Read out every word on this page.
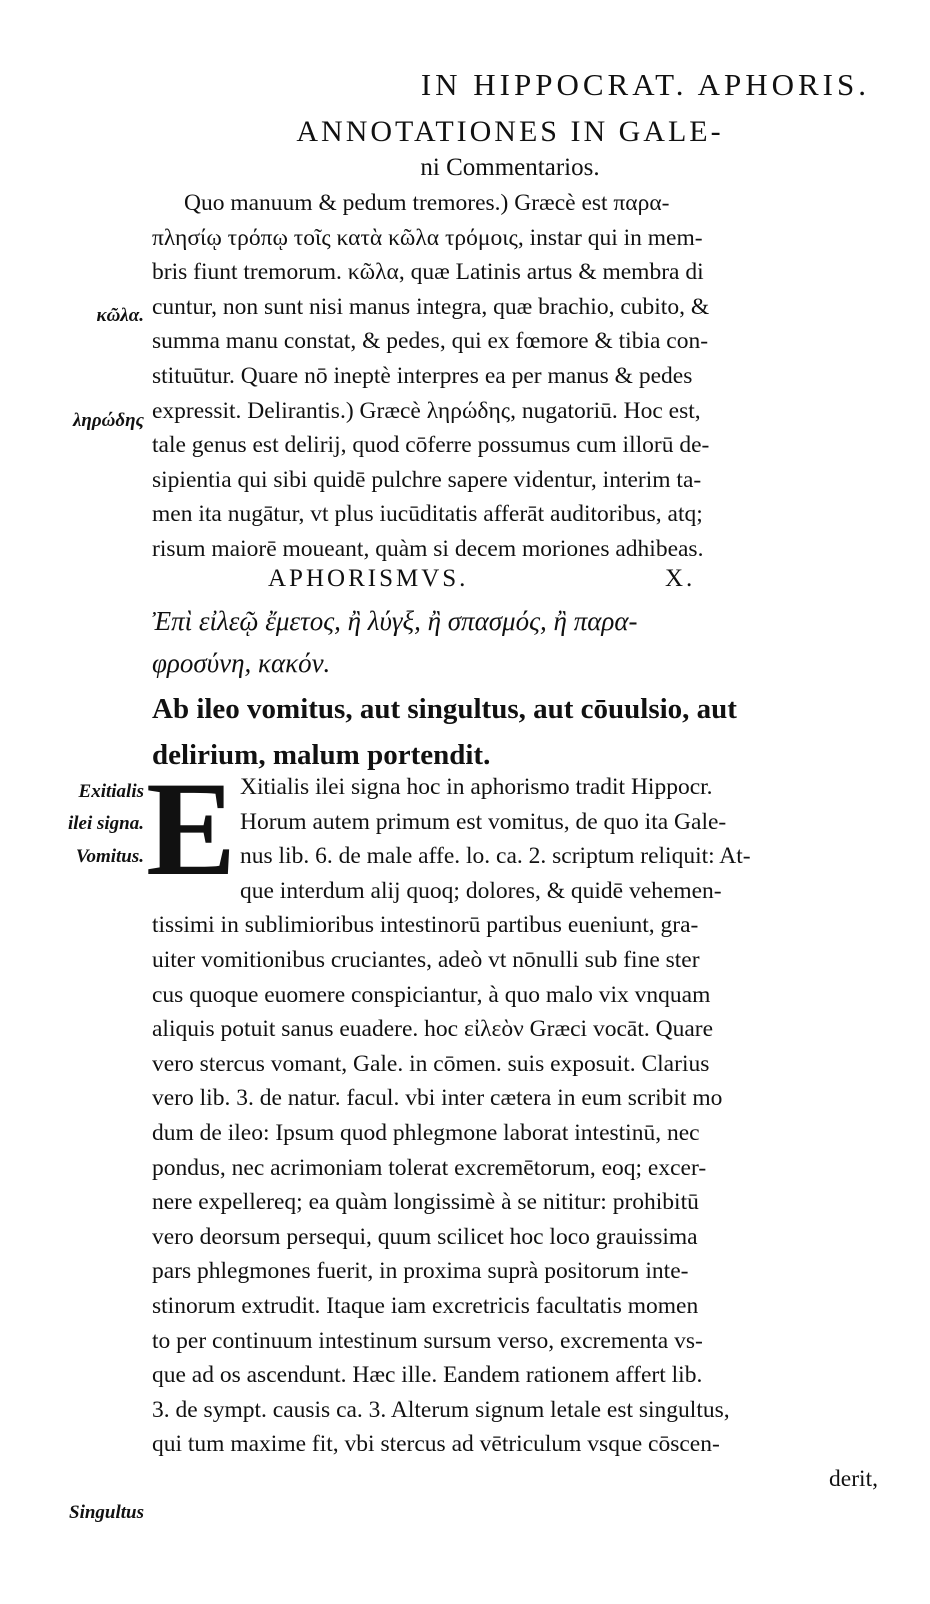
IN HIPPOCRAT. APHORIS.
ANNOTATIONES IN GALE-
ni Commentarios.
Quo manuum & pedum tremores.) Græcè est παρα-
πλησίῳ τρόπῳ τοῖς κατὰ κῶλα τρόμοις, instar qui in mem-
bris fiunt tremorum. κῶλα, quæ Latinis artus & membra di
cuntur, non sunt nisi manus integra, quæ brachio, cubito, &
summa manu constat, & pedes, qui ex fœmore & tibia con-
stituūtur. Quare nō ineptè interpres ea per manus & pedes
expressit. Delirantis.) Græcè ληρώδης, nugatoriū. Hoc est,
tale genus est delirij, quod cōferre possumus cum illorū de-
sipientia qui sibi quidē pulchre sapere videntur, interim ta-
men ita nugātur, vt plus iucūditatis afferāt auditoribus, atq;
risum maiorē moueant, quàm si decem moriones adhibeas.
APHORISMVS.	X.
Ἐπὶ εἰλεῷ ἔμετος, ἢ λύγξ, ἢ σπασμός, ἢ παρα-
φροσύνη, κακόν.
Ab ileo vomitus, aut singultus, aut cōuulsio, aut
delirium, malum portendit.
E Xitialis ilei signa hoc in aphorismo tradit Hippocr.
Horum autem primum est vomitus, de quo ita Gale-
nus lib. 6. de male affe. lo. ca. 2. scriptum reliquit: At-
que interdum alij quoq; dolores, & quidē vehemen-
tissimi in sublimioribus intestinorū partibus eueniunt, gra-
uiter vomitionibus cruciantes, adeò vt nōnulli sub fine ster
cus quoque euomere conspiciantur, à quo malo vix vnquam
aliquis potuit sanus euadere. hoc εἰλεὸν Græci vocāt. Quare
vero stercus vomant, Gale. in cōmen. suis exposuit. Clarius
vero lib. 3. de natur. facul. vbi inter cætera in eum scribit mo
dum de ileo: Ipsum quod phlegmone laborat intestinū, nec
pondus, nec acrimoniam tolerat excremētorum, eoq; excer-
nere expellereq; ea quàm longissimè à se nititur: prohibitū
vero deorsum persequi, quum scilicet hoc loco grauissima
pars phlegmones fuerit, in proxima suprà positorum inte-
stinorum extrudit. Itaque iam excretricis facultatis momen
to per continuum intestinum sursum verso, excrementa vs-
que ad os ascendunt. Hæc ille. Eandem rationem affert lib.
3. de sympt. causis ca. 3. Alterum signum letale est singultus,
qui tum maxime fit, vbi stercus ad vētriculum vsque cōscen-
derit,
κῶλα.
ληρώδης
Exitialis
ilei signa.
Vomitus.
Singultus
